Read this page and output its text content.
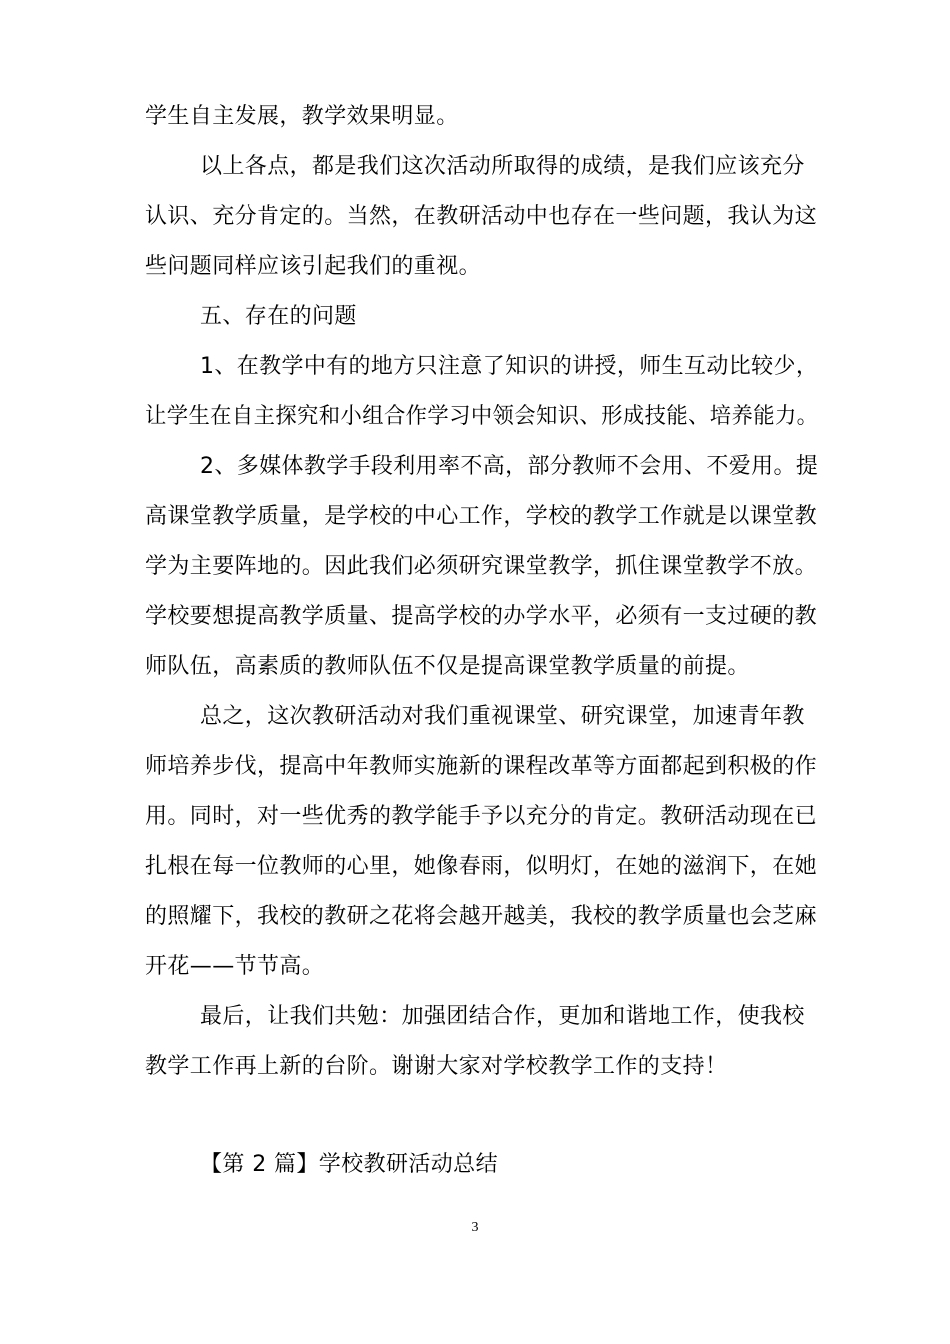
学生自主发展，教学效果明显。
以上各点，都是我们这次活动所取得的成绩，是我们应该充分
认识、充分肯定的。当然，在教研活动中也存在一些问题，我认为这
些问题同样应该引起我们的重视。
五、存在的问题
1、在教学中有的地方只注意了知识的讲授，师生互动比较少，
让学生在自主探究和小组合作学习中领会知识、形成技能、培养能力。
2、多媒体教学手段利用率不高，部分教师不会用、不爱用。提
高课堂教学质量，是学校的中心工作，学校的教学工作就是以课堂教
学为主要阵地的。因此我们必须研究课堂教学，抓住课堂教学不放。
学校要想提高教学质量、提高学校的办学水平，必须有一支过硬的教
师队伍，高素质的教师队伍不仅是提高课堂教学质量的前提。
总之，这次教研活动对我们重视课堂、研究课堂，加速青年教
师培养步伐，提高中年教师实施新的课程改革等方面都起到积极的作
用。同时，对一些优秀的教学能手予以充分的肯定。教研活动现在已
扎根在每一位教师的心里，她像春雨，似明灯，在她的滋润下，在她
的照耀下，我校的教研之花将会越开越美，我校的教学质量也会芝麻
开花——节节高。
最后，让我们共勉：加强团结合作，更加和谐地工作，使我校
教学工作再上新的台阶。谢谢大家对学校教学工作的支持！
【第 2 篇】学校教研活动总结
3
